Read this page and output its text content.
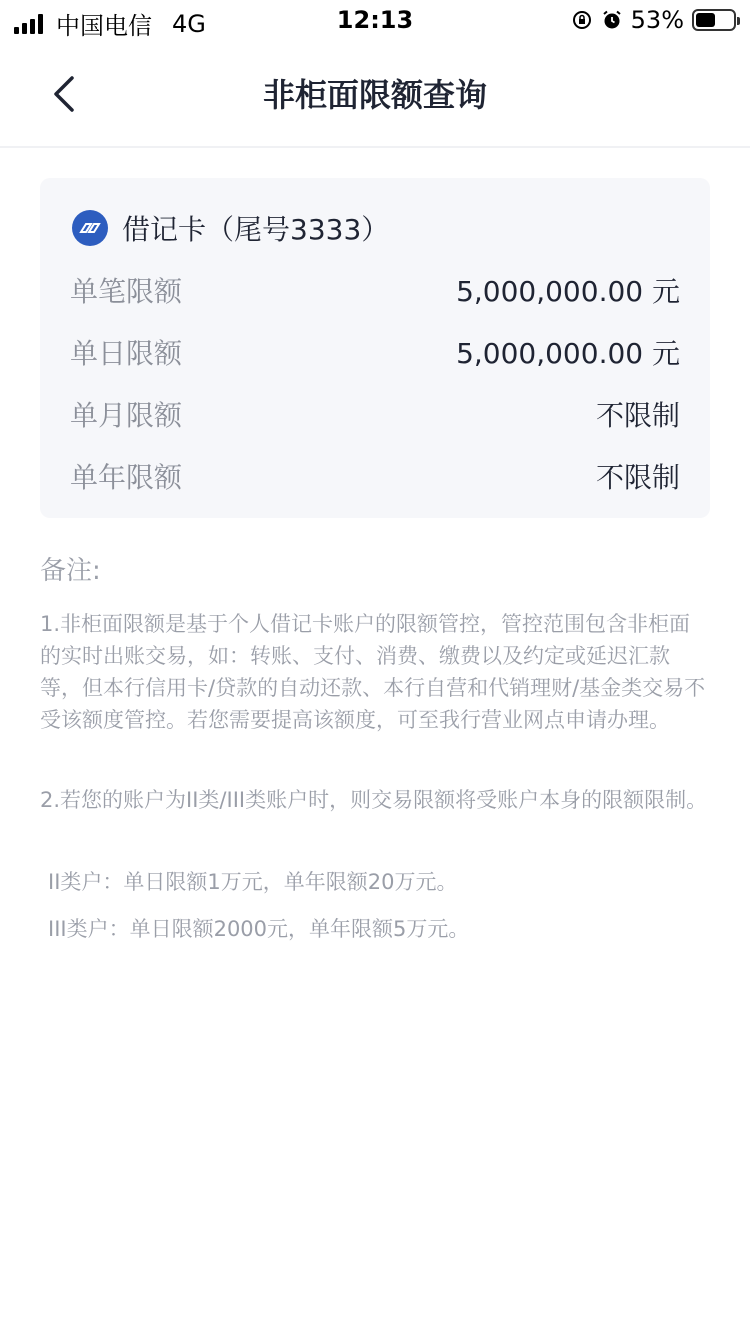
中国电信 4G	12:13	53%
非柜面限额查询
借记卡（尾号3333）
单笔限额	5,000,000.00 元
单日限额	5,000,000.00 元
单月限额	不限制
单年限额	不限制
备注:
1.非柜面限额是基于个人借记卡账户的限额管控，管控范围包含非柜面的实时出账交易，如：转账、支付、消费、缴费以及约定或延迟汇款等，但本行信用卡/贷款的自动还款、本行自营和代销理财/基金类交易不受该额度管控。若您需要提高该额度，可至我行营业网点申请办理。
2.若您的账户为II类/III类账户时，则交易限额将受账户本身的限额限制。
II类户：单日限额1万元，单年限额20万元。
III类户：单日限额2000元，单年限额5万元。
